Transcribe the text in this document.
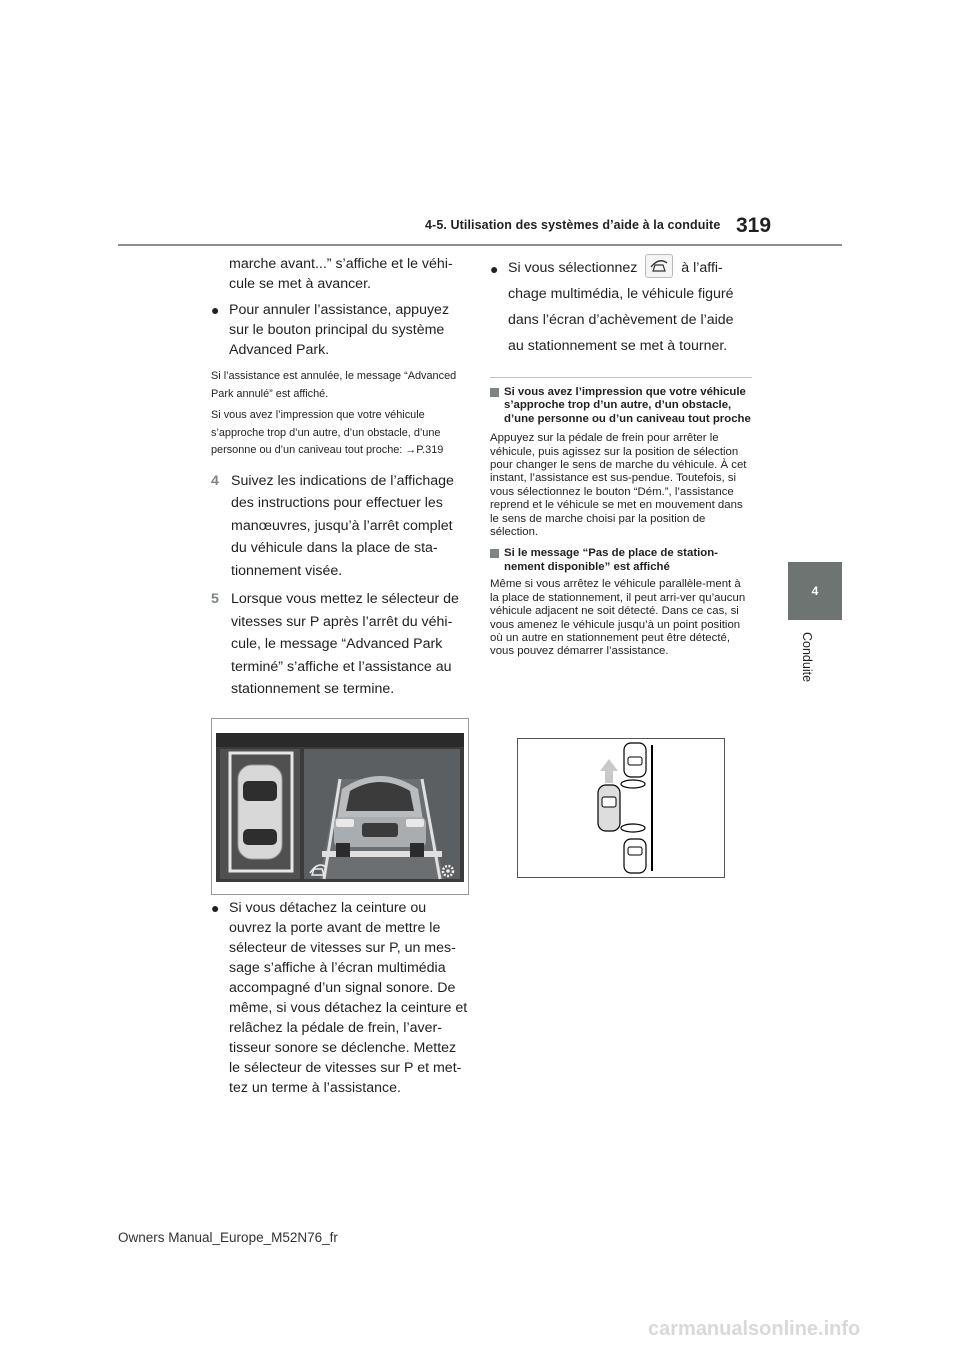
4-5. Utilisation des systèmes d’aide à la conduite 319
4
Conduite

marche avant...” s’affiche et le véhi-cule se met à avancer.

● Pour annuler l’assistance, appuyez sur le bouton principal du système Advanced Park.

Si l’assistance est annulée, le message “Advanced Park annulé” est affiché.

Si vous avez l’impression que votre véhicule s’approche trop d’un autre, d’un obstacle, d’une personne ou d’un caniveau tout proche: →P.319

4 Suivez les indications de l’affichage des instructions pour effectuer les manœuvres, jusqu’à l’arrêt complet du véhicule dans la place de sta-tionnement visée.
5 Lorsque vous mettez le sélecteur de vitesses sur P après l’arrêt du véhi-cule, le message “Advanced Park terminé” s’affiche et l’assistance au stationnement se termine.
● Si vous détachez la ceinture ou ouvrez la porte avant de mettre le sélecteur de vitesses sur P, un mes-sage s’affiche à l’écran multimédia accompagné d’un signal sonore. De même, si vous détachez la ceinture et relâchez la pédale de frein, l’aver-tisseur sonore se déclenche. Mettez le sélecteur de vitesses sur P et met-tez un terme à l’assistance.
● Si vous sélectionnez	à l’affi-chage multimédia, le véhicule figuré dans l’écran d’achèvement de l’aide au stationnement se met à tourner.

Si vous avez l’impression que votre véhicule s’approche trop d’un autre, d’un obstacle, d’une personne ou d’un caniveau tout proche

Appuyez sur la pédale de frein pour arrêter le véhicule, puis agissez sur la position de sélection pour changer le sens de marche du véhicule. À cet instant, l’assistance est sus-pendue. Toutefois, si vous sélectionnez le bouton “Dém.”, l’assistance reprend et le véhicule se met en mouvement dans le sens de marche choisi par la position de sélection.

Si le message “Pas de place de station-nement disponible” est affiché

Même si vous arrêtez le véhicule parallèle-ment à la place de stationnement, il peut arri-ver qu’aucun véhicule adjacent ne soit détecté. Dans ce cas, si vous amenez le véhicule jusqu’à un point position où un autre en stationnement peut être détecté, vous pouvez démarrer l’assistance.

Owners Manual_Europe_M52N76_fr
carmanualsonline.info
